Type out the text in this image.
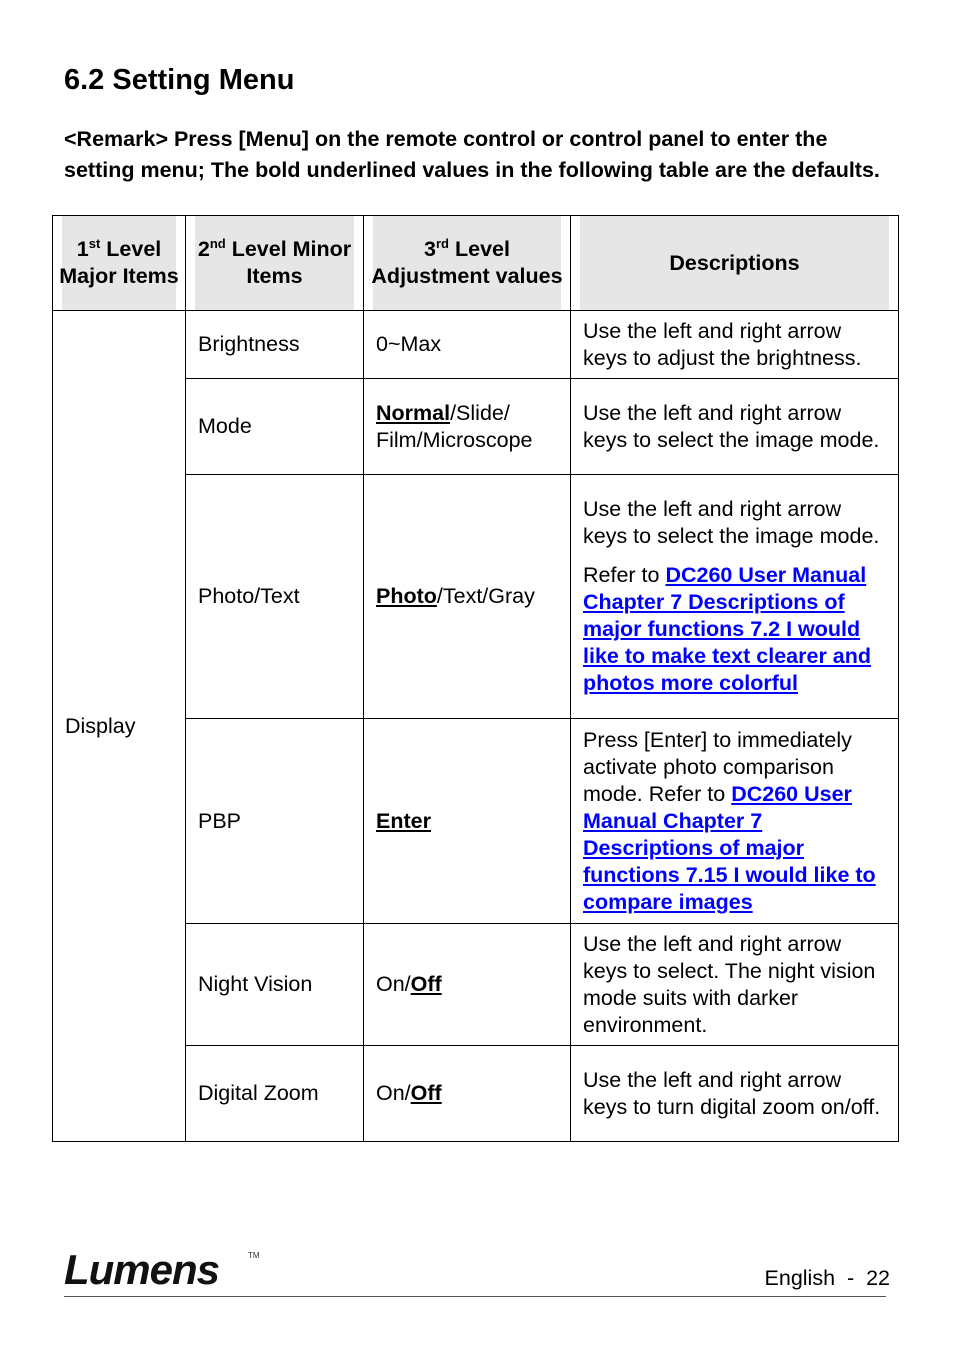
6.2 Setting Menu
<Remark> Press [Menu] on the remote control or control panel to enter the setting menu; The bold underlined values in the following table are the defaults.
1st Level Major Items	2nd Level Minor Items	3rd Level Adjustment values	Descriptions
Display	Brightness	0~Max	Use the left and right arrow keys to adjust the brightness.
	Mode	Normal/Slide/ Film/Microscope	Use the left and right arrow keys to select the image mode.
	Photo/Text	Photo/Text/Gray	Use the left and right arrow keys to select the image mode.

Refer to DC260 User Manual Chapter 7 Descriptions of major functions 7.2 I would like to make text clearer and photos more colorful

	PBP	Enter	Press [Enter] to immediately activate photo comparison mode. Refer to DC260 User Manual Chapter 7 Descriptions of major functions 7.15 I would like to compare images
	Night Vision	On/Off	Use the left and right arrow keys to select. The night vision mode suits with darker environment.
	Digital Zoom	On/Off	Use the left and right arrow keys to turn digital zoom on/off.
Lumens	TM
English  -  22
